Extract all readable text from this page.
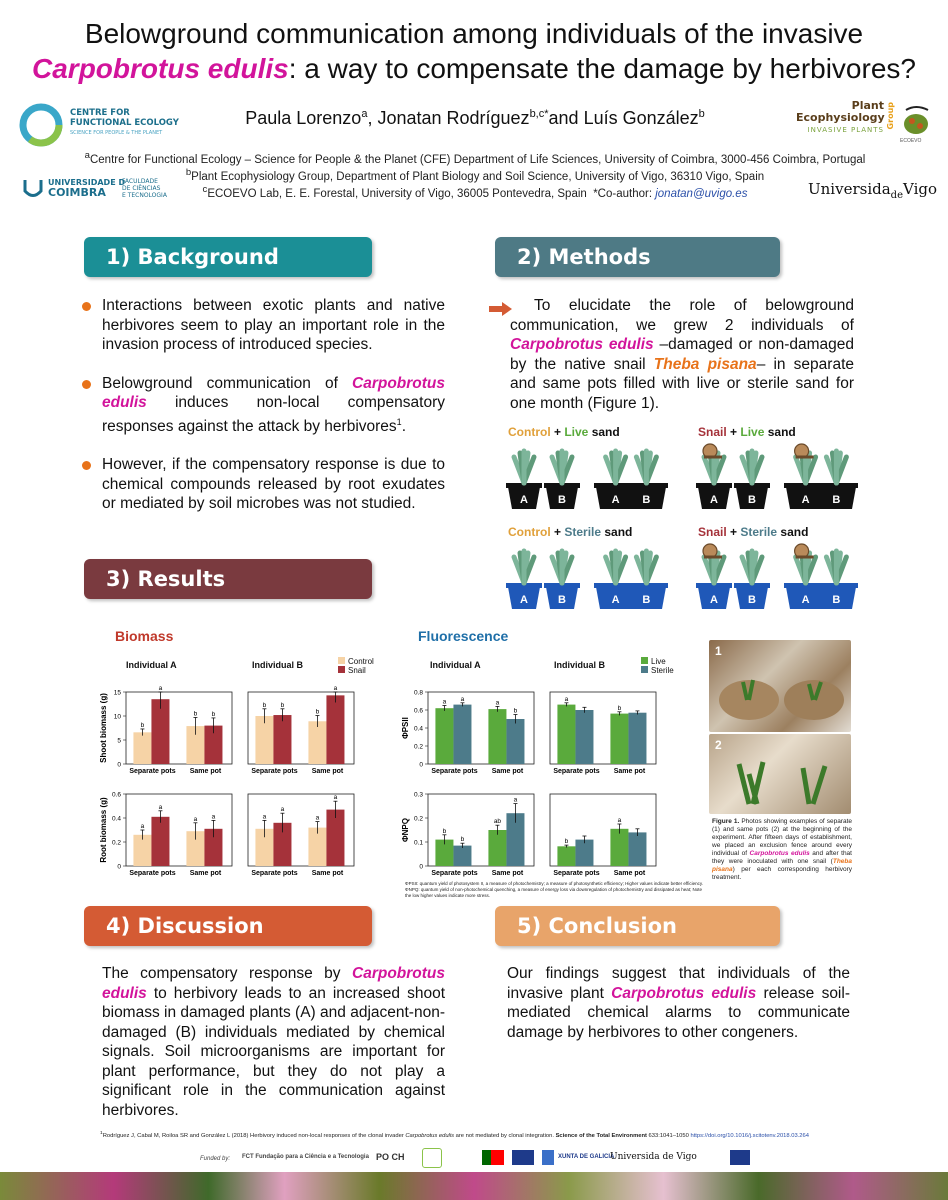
Belowground communication among individuals of the invasive
Carpobrotus edulis: a way to compensate the damage by herbivores?
CENTRE FOR
FUNCTIONAL ECOLOGY
SCIENCE FOR PEOPLE & THE PLANET
Paula Lorenzo$^a$, Jonatan Rodríguez$^{b,c*}$and Luís González$^b$
Plant
Ecophysiology
INVASIVE PLANTS
Group
ECOEVO
$^a$Centre for Functional Ecology – Science for People & the Planet (CFE) Department of Life Sciences, University of Coimbra, 3000-456 Coimbra, Portugal
$^b$Plant Ecophysiology Group, Department of Plant Biology and Soil Science, University of Vigo, 36310 Vigo, Spain
$^c$ECOEVO Lab, E. E. Forestal, University of Vigo, 36005 Pontevedra, Spain *Co-author: jonatan@uvigo.es
UNIVERSIDADE D
COIMBRA
FACULDADE
DE CIÊNCIAS
E TECNOLOGIA	Universida$_{de}$Vigo
1) Background	2) Methods
3) Results
4) Discussion	5) Conclusion

Interactions between exotic plants and native herbivores seem to play an important role in the invasion process of introduced species.

Belowground communication of Carpobrotus edulis induces non-local compensatory responses against the attack by herbivores$^1$.

However, if the compensatory response is due to chemical compounds released by root exudates or mediated by soil microbes was not studied.

To elucidate the role of belowground communication, we grew 2 individuals of Carpobrotus edulis –damaged or non-damaged by the native snail Theba pisana– in separate and same pots filled with live or sterile sand for one month (Figure 1).
Control + Live sand	Snail + Live sand
Control + Sterile sand	Snail + Sterile sand
A	B	A B	A	B	A B
A	B	A B	A	B	A B
Biomass	Fluorescence
Individual A	Individual B	Individual A	Individual B
Control
Snail
Live
Sterile
0
5
10
15
Shoot biomass (g)	b
a
Separate pots
b b
Same pot
b b
Separate pots
b
a
Same pot
0
0.2
0.4
0.6
Root biomass (g)	a
a
Separate pots
a a
Same pot
a
a
Separate pots
a
a
Same pot
0
0.2
0.4
0.6
0.8
ΦPSII
a a
Separate pots
a
b
Same pot
a
Separate pots
b
Same pot
0
0.1
0.2
0.3
ΦNPQ	b
b
Separate pots
ab
a
Same pot
b
Separate pots
a
Same pot
ΦPSII: quantum yield of photosystem II, a measure of photochemistry; a measure of photosynthetic efficiency; Higher values indicate better efficiency.
ΦNPQ: quantum yield of non-photochemical quenching, a measure of energy loss via downregulation of photochemistry and dissipated as heat; Note the low higher values indicate more stress.
1
2
Figure 1. Photos showing examples of separate (1) and same pots (2) at the beginning of the experiment. After fifteen days of establishment, we placed an exclusion fence around every individual of Carpobrotus edulis and after that they were inoculated with one snail (Theba pisana) per each corresponding herbivory treatment.
The compensatory response by Carpobrotus edulis to herbivory leads to an increased shoot biomass in damaged plants (A) and adjacent-non-damaged (B) individuals mediated by chemical signals. Soil microorganisms are important for plant performance, but they do not play a significant role in the communication against herbivores.
Our findings suggest that individuals of the invasive plant Carpobrotus edulis release soil-mediated chemical alarms to communicate damage by herbivores to other congeners.
$^1$Rodríguez J, Cabal M, Roiloa SR and González L (2018) Herbivory induced non-local responses of the clonal invader Carpobrotus edulis are not mediated by clonal integration. Science of the Total Environment 633:1041–1050 https://doi.org/10.1016/j.scitotenv.2018.03.264
Funded by: FCT Fundação para a Ciência e a Tecnologia PO CH	XUNTA DE GALICIA
Universida de Vigo
